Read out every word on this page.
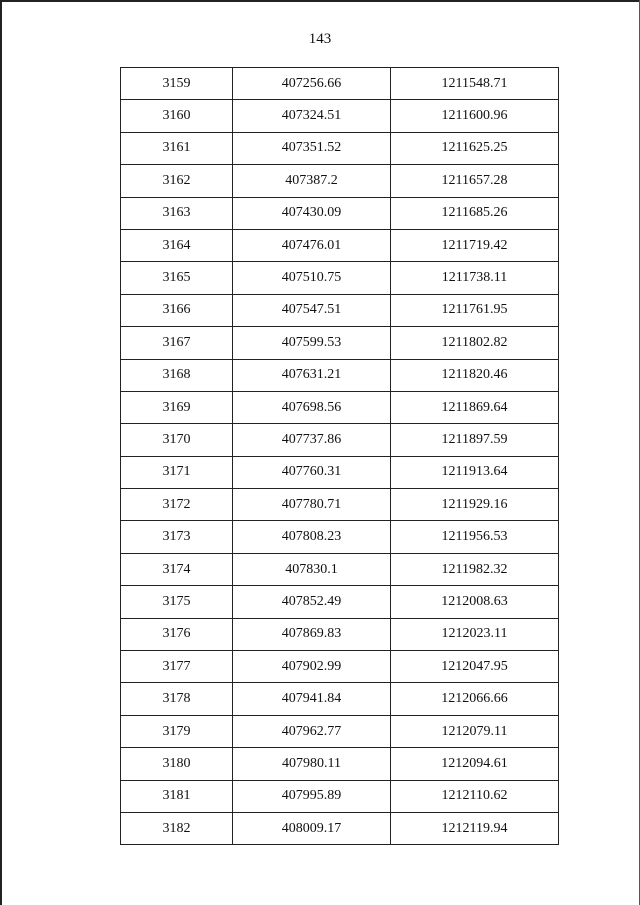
143
3159	407256.66	1211548.71
3160	407324.51	1211600.96
3161	407351.52	1211625.25
3162	407387.2	1211657.28
3163	407430.09	1211685.26
3164	407476.01	1211719.42
3165	407510.75	1211738.11
3166	407547.51	1211761.95
3167	407599.53	1211802.82
3168	407631.21	1211820.46
3169	407698.56	1211869.64
3170	407737.86	1211897.59
3171	407760.31	1211913.64
3172	407780.71	1211929.16
3173	407808.23	1211956.53
3174	407830.1	1211982.32
3175	407852.49	1212008.63
3176	407869.83	1212023.11
3177	407902.99	1212047.95
3178	407941.84	1212066.66
3179	407962.77	1212079.11
3180	407980.11	1212094.61
3181	407995.89	1212110.62
3182	408009.17	1212119.94
